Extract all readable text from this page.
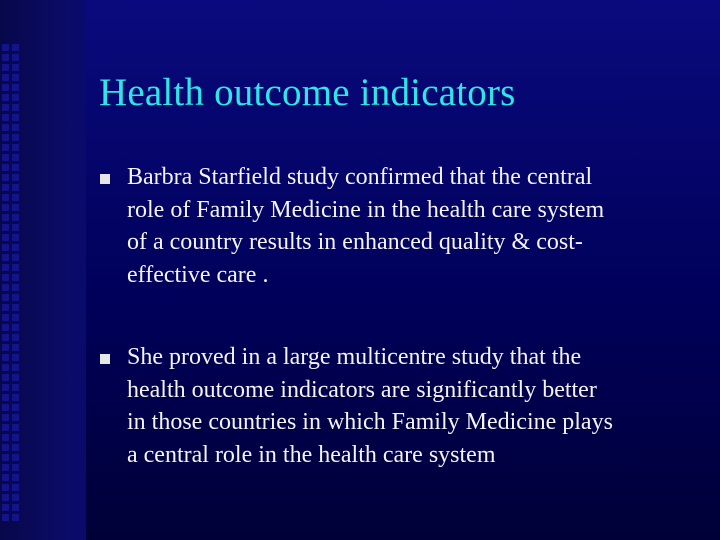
Health outcome indicators

Barbra Starfield study confirmed that the central
role of Family Medicine in the health care system
of a country results in enhanced quality & cost-
effective care .

She proved in a large multicentre study that the
health outcome indicators are significantly better
in those countries in which Family Medicine plays
a central role in the health care system
